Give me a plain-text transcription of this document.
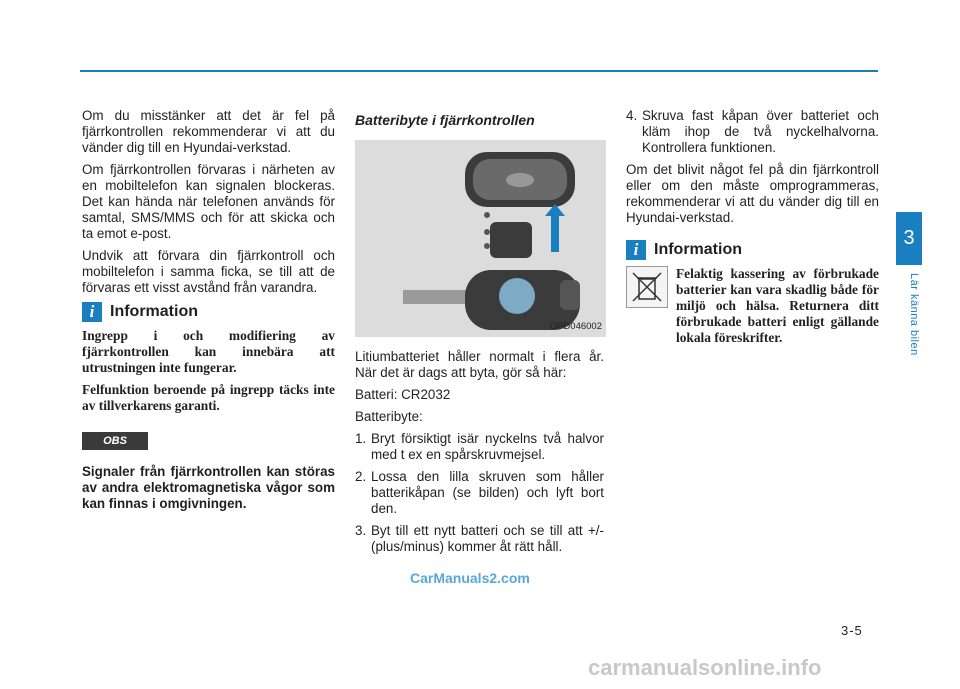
3
Lär känna bilen

Om du misstänker att det är fel på fjärrkontrollen rekommenderar vi att du vänder dig till en Hyundai-verkstad.

Om fjärrkontrollen förvaras i närheten av en mobiltelefon kan signalen blockeras. Det kan hända när telefonen används för samtal, SMS/MMS och för att skicka och ta emot e-post.

Undvik att förvara din fjärrkontroll och mobiltelefon i samma ficka, se till att de förvaras ett visst avstånd från varandra.

i Information

Ingrepp i och modifiering av fjärrkontrollen kan innebära att utrustningen inte fungerar.

Felfunktion beroende på ingrepp täcks inte av tillverkarens garanti.

OBS

Signaler från fjärrkontrollen kan störas av andra elektromagnetiska vågor som kan finnas i omgivningen.

Batteribyte i fjärrkontrollen
OPD046002

Litiumbatteriet håller normalt i flera år. När det är dags att byta, gör så här:

Batteri: CR2032

Batteribyte:

1. Bryt försiktigt isär nyckelns två halvor med t ex en spårskruvmejsel.
2. Lossa den lilla skruven som håller batterikåpan (se bilden) och lyft bort den.
3. Byt till ett nytt batteri och se till att +/- (plus/minus) kommer åt rätt håll.
4. Skruva fast kåpan över batteriet och kläm ihop de två nyckelhalvorna. Kontrollera funktionen.

Om det blivit något fel på din fjärrkontroll eller om den måste omprogrammeras, rekommenderar vi att du vänder dig till en Hyundai-verkstad.

i Information

Felaktig kassering av förbrukade batterier kan vara skadlig både för miljö och hälsa. Returnera ditt förbrukade batteri enligt gällande lokala föreskrifter.

3-5
CarManuals2.com
carmanualsonline.info
